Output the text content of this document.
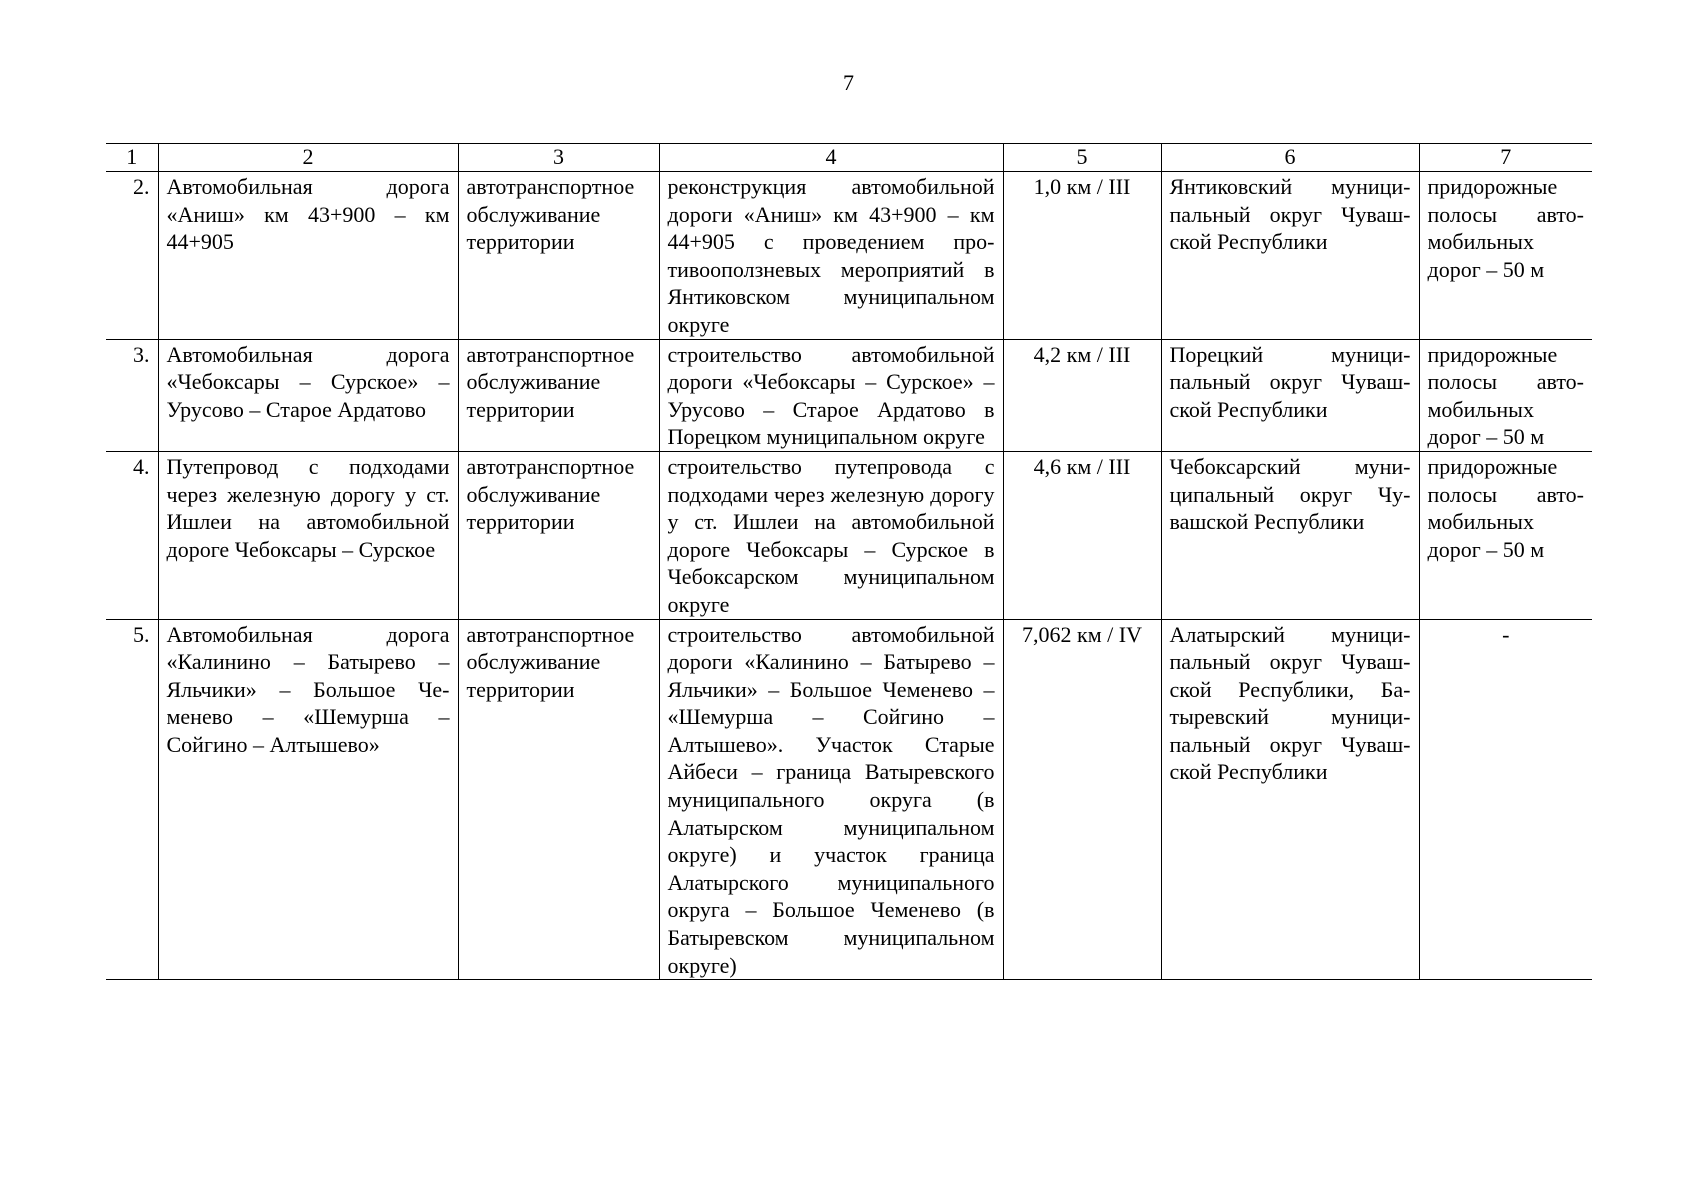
7
1	2	3	4	5	6	7
2.	Автомобильная дорога «Аниш» км 43+900 – км 44+905	автотранспортное обслуживание территории	реконструкция автомобильной дороги «Аниш» км 43+900 – км 44+905 с проведением противооползневых мероприятий в Янтиковском муниципальном округе	1,0 км / III	Янтиковский муниципальный округ Чувашской Республики	придорожные полосы автомобильных дорог – 50 м
3.	Автомобильная дорога «Чебоксары – Сурское» – Урусово – Старое Ардатово	автотранспортное обслуживание территории	строительство автомобильной дороги «Чебоксары – Сурское» – Урусово – Старое Ардатово в Порецком муниципальном округе	4,2 км / III	Порецкий муниципальный округ Чувашской Республики	придорожные полосы автомобильных дорог – 50 м
4.	Путепровод с подходами через железную дорогу у ст. Ишлеи на автомобильной дороге Чебоксары – Сурское	автотранспортное обслуживание территории	строительство путепровода с подходами через железную дорогу у ст. Ишлеи на автомобильной дороге Чебоксары – Сурское в Чебоксарском муниципальном округе	4,6 км / III	Чебоксарский муниципальный округ Чувашской Республики	придорожные полосы автомобильных дорог – 50 м
5.	Автомобильная дорога «Калинино – Батырево – Яльчики» – Большое Чеменево – «Шемурша – Сойгино – Алтышево»	автотранспортное обслуживание территории	строительство автомобильной дороги «Калинино – Батырево – Яльчики» – Большое Чеменево – «Шемурша – Сойгино – Алтышево». Участок Старые Айбеси – граница Baтыревского муниципального округа (в Алатырском муниципальном округе) и участок граница Алатырского муниципального округа – Большое Чеменево (в Батыревском муниципальном округе)	7,062 км / IV	Алатырский муниципальный округ Чувашской Республики, Батыревский муниципальный округ Чувашской Республики	-
